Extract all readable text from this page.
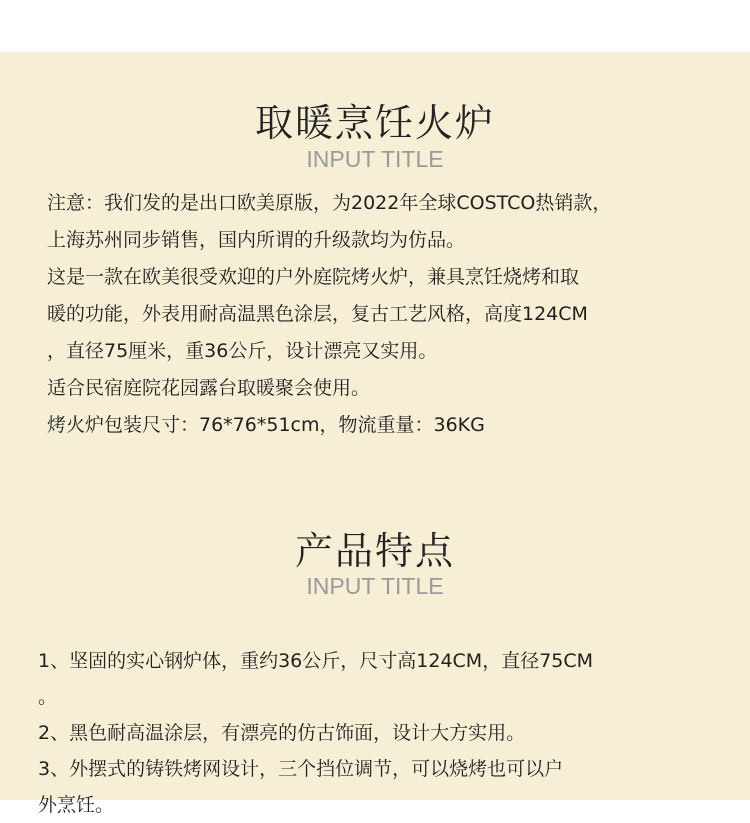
取暖烹饪火炉
INPUT TITLE
注意：我们发的是出口欧美原版，为2022年全球COSTCO热销款，
上海苏州同步销售，国内所谓的升级款均为仿品。
这是一款在欧美很受欢迎的户外庭院烤火炉，兼具烹饪烧烤和取
暖的功能，外表用耐高温黑色涂层，复古工艺风格，高度124CM
，直径75厘米，重36公斤，设计漂亮又实用。
适合民宿庭院花园露台取暖聚会使用。
烤火炉包装尺寸：76*76*51cm，物流重量：36KG
产品特点
INPUT TITLE
1、坚固的实心钢炉体，重约36公斤，尺寸高124CM，直径75CM
。
2、黑色耐高温涂层，有漂亮的仿古饰面，设计大方实用。
3、外摆式的铸铁烤网设计，三个挡位调节，可以烧烤也可以户
外烹饪。
